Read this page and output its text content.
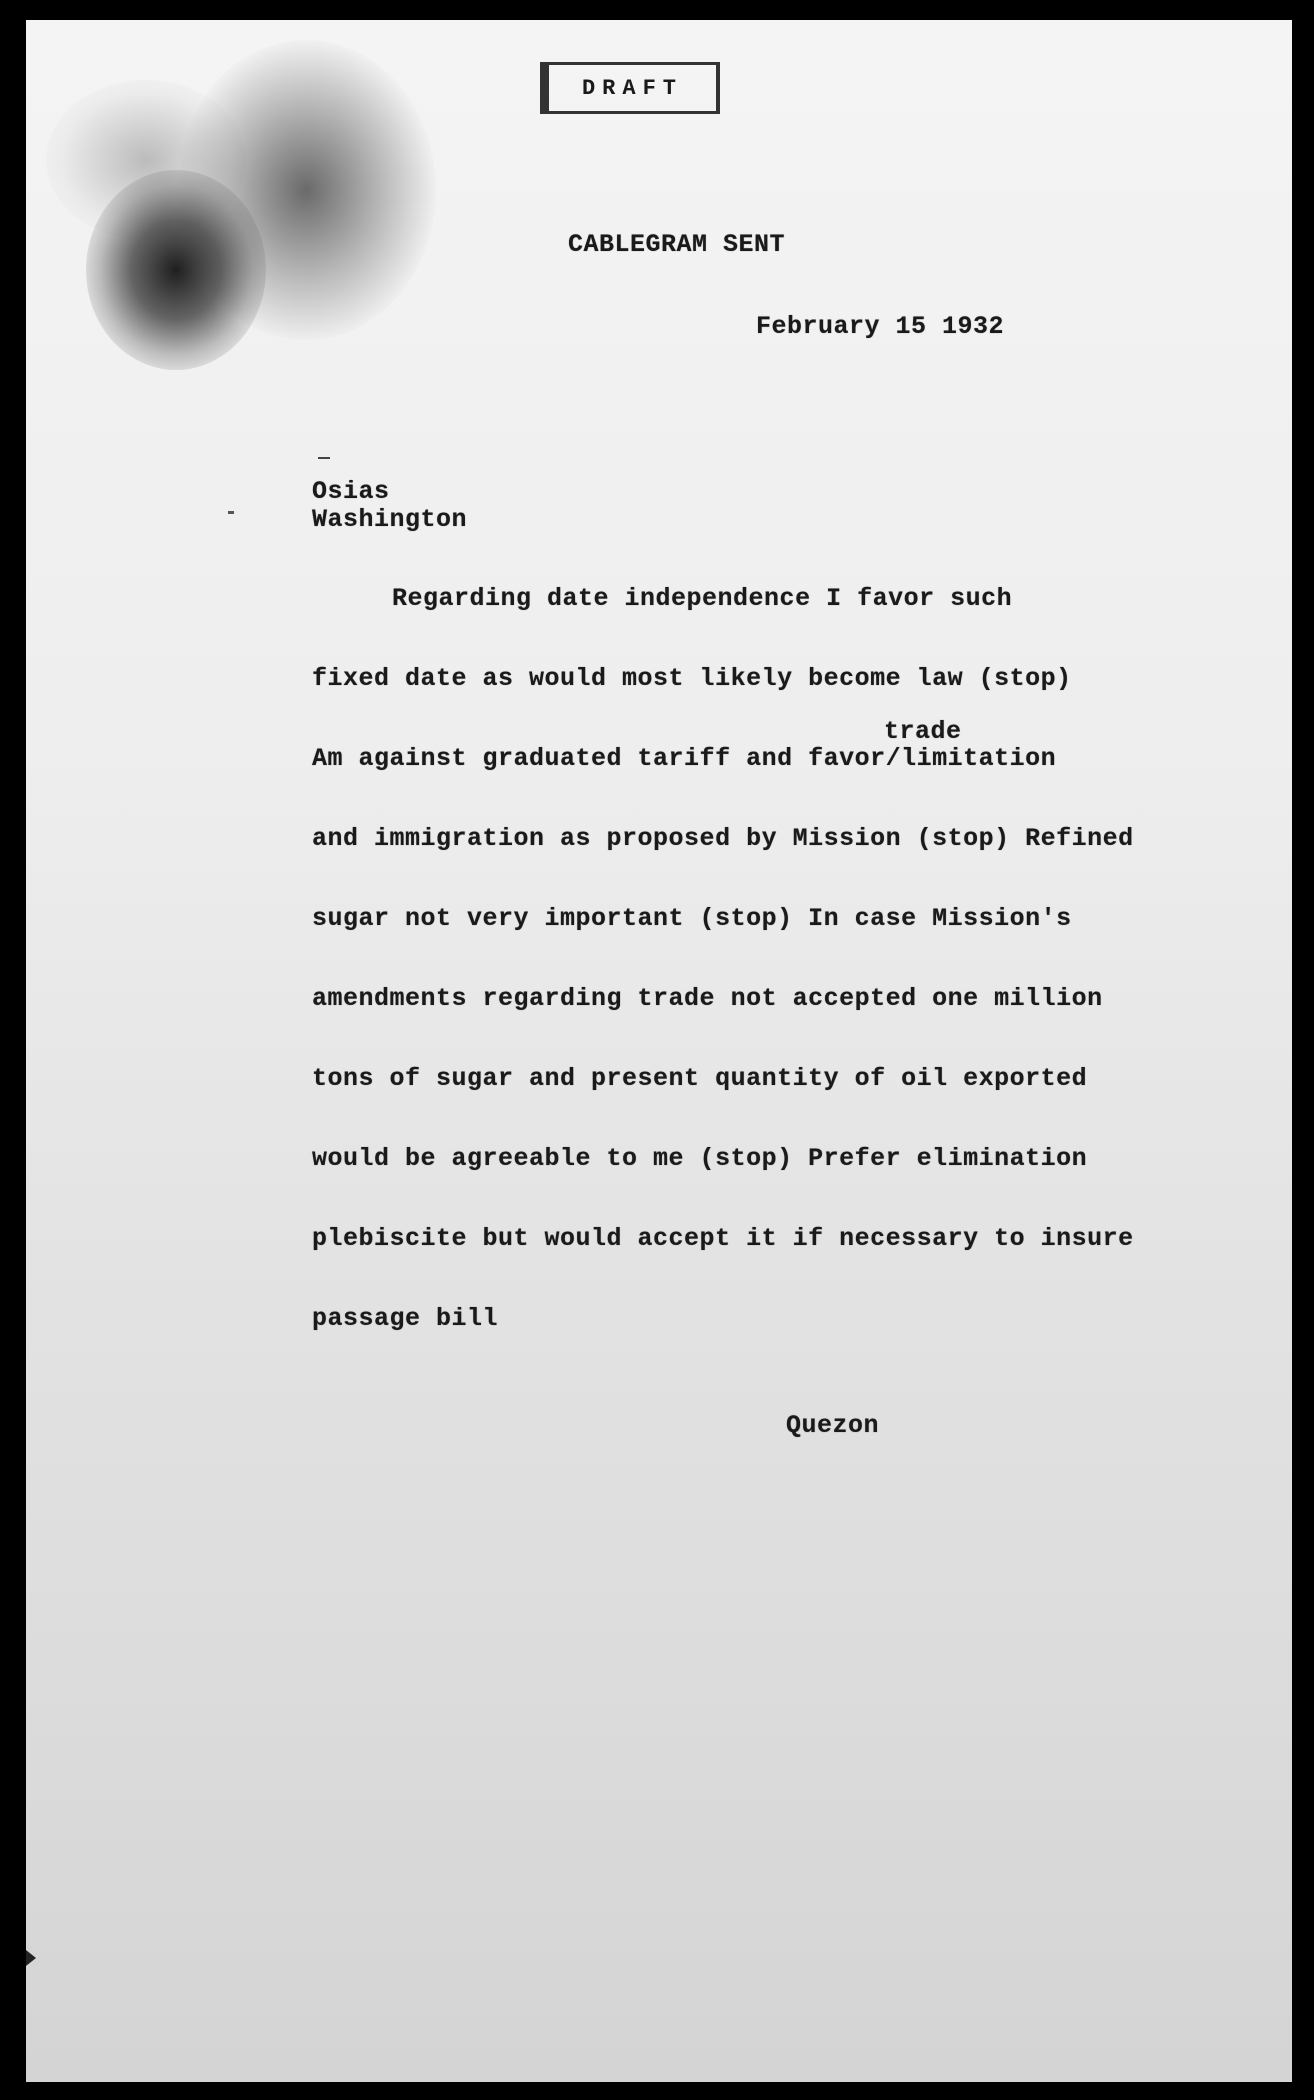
DRAFT
CABLEGRAM SENT
February 15 1932
Osias
Washington
Regarding date independence I favor such
fixed date as would most likely become law (stop)
trade
Am against graduated tariff and favor/limitation
and immigration as proposed by Mission (stop) Refined
sugar not very important (stop) In case Mission's
amendments regarding trade not accepted one million
tons of sugar and present quantity of oil exported
would be agreeable to me (stop) Prefer elimination
plebiscite but would accept it if necessary to insure
passage bill
Quezon
